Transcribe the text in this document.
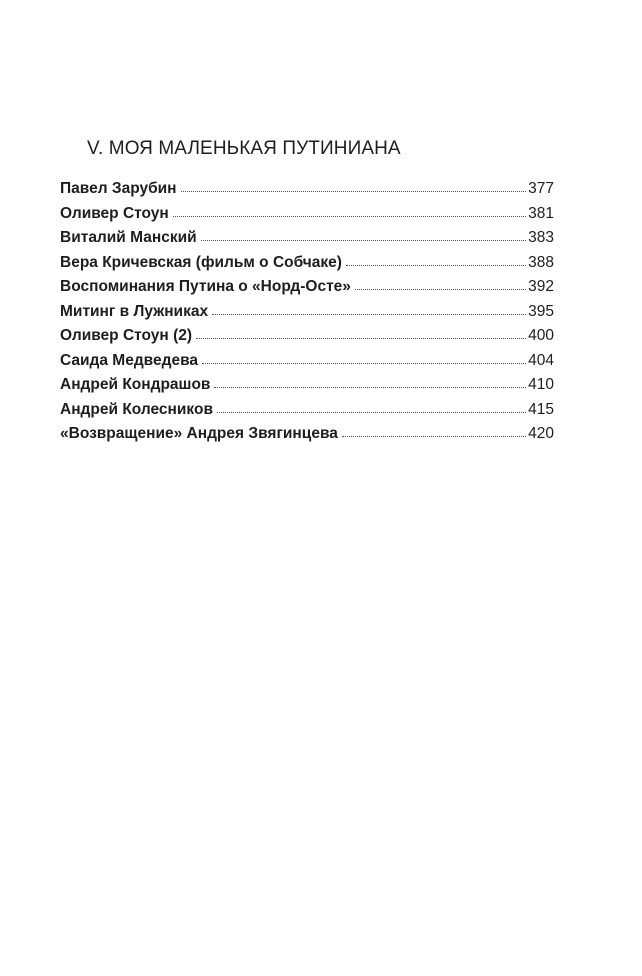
V. МОЯ МАЛЕНЬКАЯ ПУТИНИАНА
Павел Зарубин	377
Оливер Стоун	381
Виталий Манский	383
Вера Кричевская (фильм о Собчаке)	388
Воспоминания Путина о «Норд-Осте»	392
Митинг в Лужниках	395
Оливер Стоун (2)	400
Саида Медведева	404
Андрей Кондрашов	410
Андрей Колесников	415
«Возвращение» Андрея Звягинцева	420
